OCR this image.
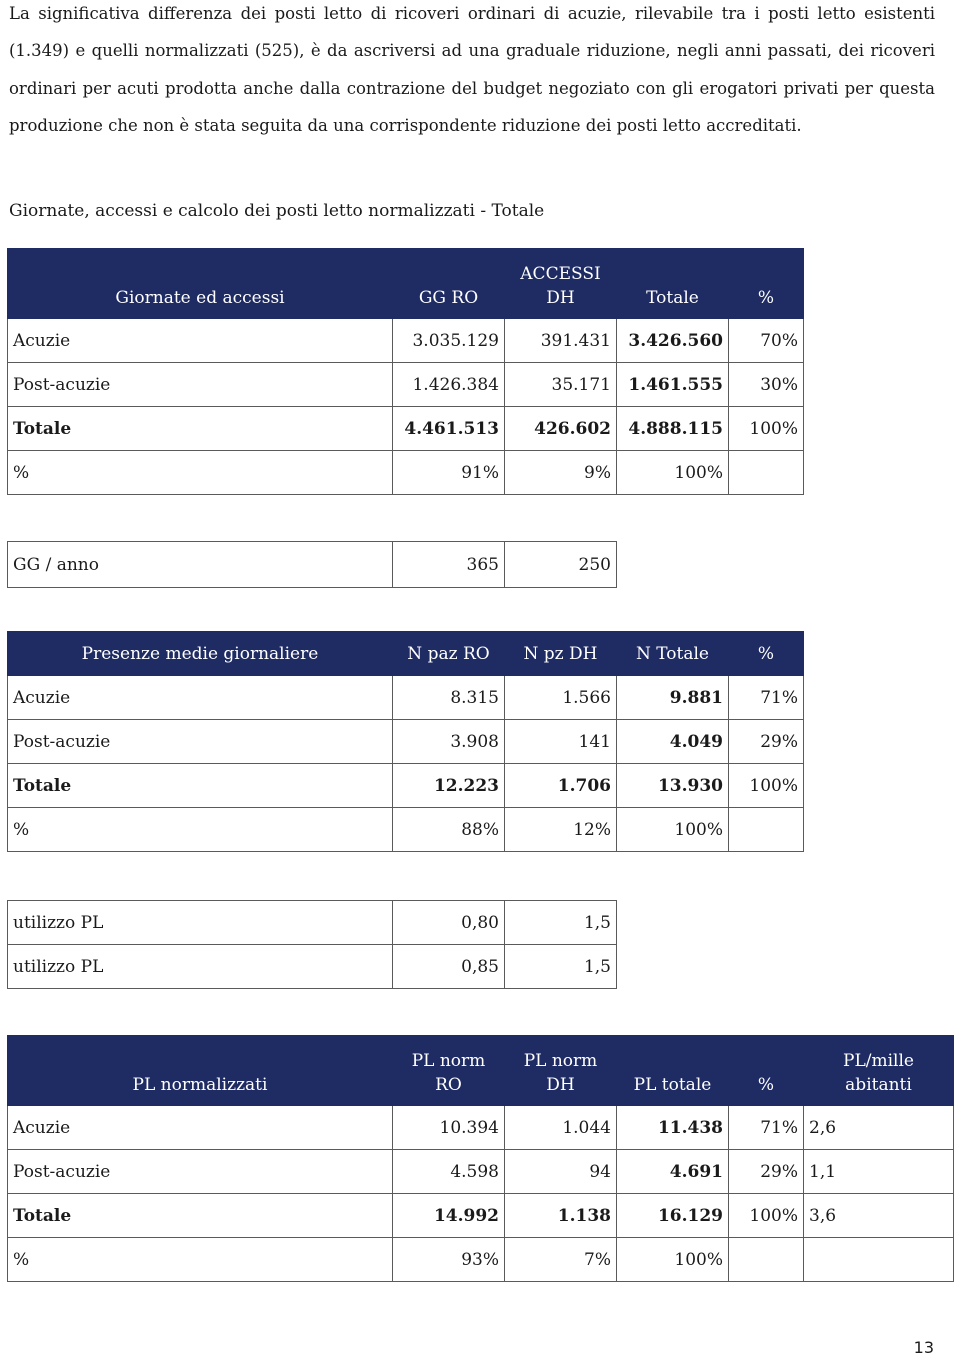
La significativa differenza dei posti letto di ricoveri ordinari di acuzie, rilevabile tra i posti letto esistenti (1.349) e quelli normalizzati (525), è da ascriversi ad una graduale riduzione, negli anni passati, dei ricoveri ordinari per acuti prodotta anche dalla contrazione del budget negoziato con gli erogatori privati per questa produzione che non è stata seguita da una corrispondente riduzione dei posti letto accreditati.

Giornate, accessi e calcolo dei posti letto normalizzati - Totale
Giornate ed accessi	GG RO	ACCESSI DH	Totale	%
Acuzie	3.035.129	391.431	3.426.560	70%
Post-acuzie	1.426.384	35.171	1.461.555	30%
Totale	4.461.513	426.602	4.888.115	100%
%	91%	9%	100%	
GG / anno	365	250
Presenze medie giornaliere	N paz RO	N pz DH	N Totale	%
Acuzie	8.315	1.566	9.881	71%
Post-acuzie	3.908	141	4.049	29%
Totale	12.223	1.706	13.930	100%
%	88%	12%	100%	
utilizzo PL	0,80	1,5
utilizzo PL	0,85	1,5
PL normalizzati	PL norm RO	PL norm DH	PL totale	%	PL/mille abitanti
Acuzie	10.394	1.044	11.438	71%	2,6
Post-acuzie	4.598	94	4.691	29%	1,1
Totale	14.992	1.138	16.129	100%	3,6
%	93%	7%	100%		
13
